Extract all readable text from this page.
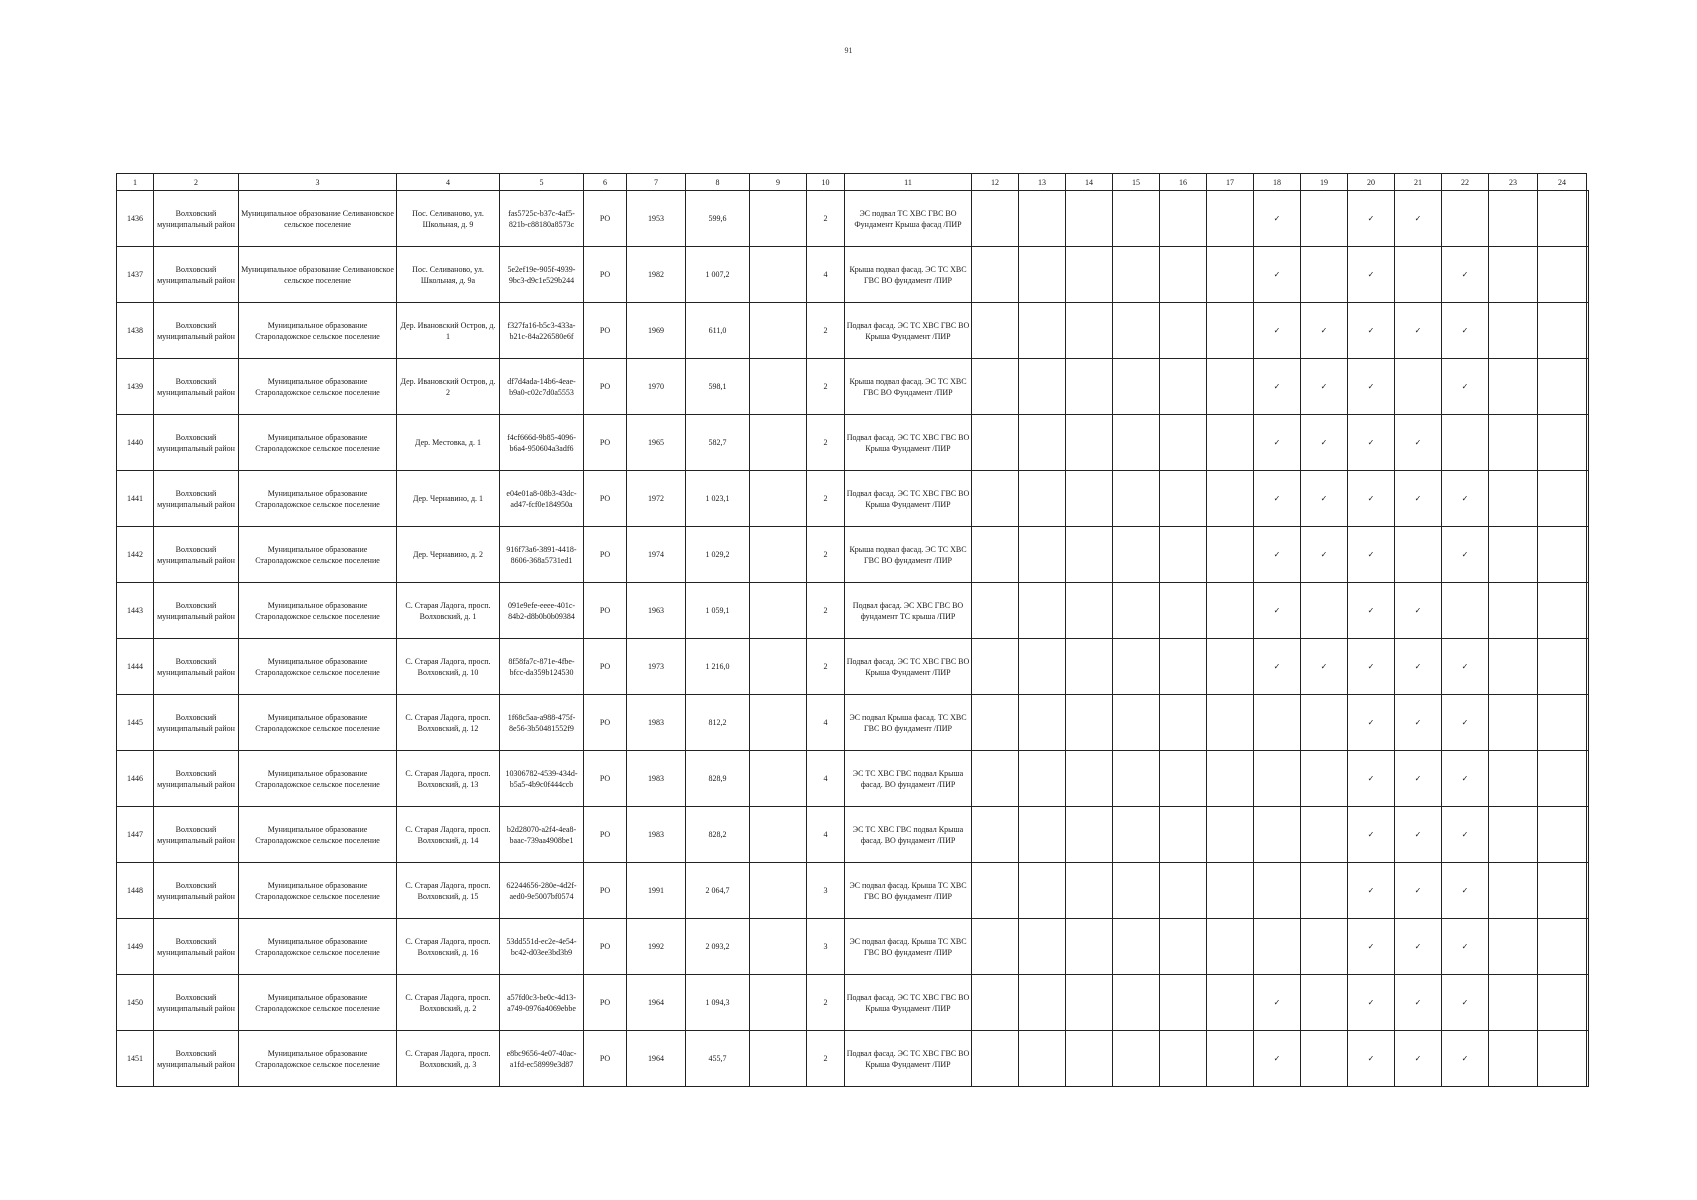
91
1	2	3	4	5	6	7	8	9	10	11	12	13	14	15	16	17	18	19	20	21	22	23	24	
1436	Волховский муниципальный район	Муниципальное образование Селивановское сельское поселение	Пос. Селиваново, ул. Школьная, д. 9	fas5725c-b37c-4af5-821b-c88180a8573c	РО	1953	599,6		2	ЭС подвал ТС ХВС ГВС ВО Фундамент Крыша фасад /ПИР							✓		✓	✓				
1437	Волховский муниципальный район	Муниципальное образование Селивановское сельское поселение	Пос. Селиваново, ул. Школьная, д. 9а	5e2ef19e-905f-4939-9bc3-d9c1e529b244	РО	1982	1 007,2		4	Крыша подвал фасад. ЭС ТС ХВС ГВС ВО фундамент /ПИР							✓		✓		✓			
1438	Волховский муниципальный район	Муниципальное образование Староладожское сельское поселение	Дер. Ивановский Остров, д. 1	f327fa16-b5c3-433a-b21c-84a226580e6f	РО	1969	611,0		2	Подвал фасад. ЭС ТС ХВС ГВС ВО Крыша Фундамент /ПИР							✓	✓	✓	✓	✓			
1439	Волховский муниципальный район	Муниципальное образование Староладожское сельское поселение	Дер. Ивановский Остров, д. 2	df7d4ada-14b6-4eae-b9a0-c02c7d0a5553	РО	1970	598,1		2	Крыша подвал фасад. ЭС ТС ХВС ГВС ВО Фундамент /ПИР							✓	✓	✓		✓			
1440	Волховский муниципальный район	Муниципальное образование Староладожское сельское поселение	Дер. Местовка, д. 1	f4cf666d-9b85-4096-b6a4-950604a3adf6	РО	1965	582,7		2	Подвал фасад. ЭС ТС ХВС ГВС ВО Крыша Фундамент /ПИР							✓	✓	✓	✓				
1441	Волховский муниципальный район	Муниципальное образование Староладожское сельское поселение	Дер. Чернавино, д. 1	e04e01a8-08b3-43dc-ad47-fcf0e184950a	РО	1972	1 023,1		2	Подвал фасад. ЭС ТС ХВС ГВС ВО Крыша Фундамент /ПИР							✓	✓	✓	✓	✓			
1442	Волховский муниципальный район	Муниципальное образование Староладожское сельское поселение	Дер. Чернавино, д. 2	916f73a6-3891-4418-8606-368a5731ed1	РО	1974	1 029,2		2	Крыша подвал фасад. ЭС ТС ХВС ГВС ВО фундамент /ПИР							✓	✓	✓		✓			
1443	Волховский муниципальный район	Муниципальное образование Староладожское сельское поселение	С. Старая Ладога, просп. Волховский, д. 1	091e9efe-eeee-401c-84b2-d8b0b0b09384	РО	1963	1 059,1		2	Подвал фасад. ЭС ХВС ГВС ВО фундамент ТС крыша /ПИР							✓		✓	✓				
1444	Волховский муниципальный район	Муниципальное образование Староладожское сельское поселение	С. Старая Ладога, просп. Волховский, д. 10	8f58fa7c-871e-4fbe-bfcc-da359b124530	РО	1973	1 216,0		2	Подвал фасад. ЭС ТС ХВС ГВС ВО Крыша Фундамент /ПИР							✓	✓	✓	✓	✓			
1445	Волховский муниципальный район	Муниципальное образование Староладожское сельское поселение	С. Старая Ладога, просп. Волховский, д. 12	1f68c5aa-a988-475f-8e56-3b50481552f9	РО	1983	812,2		4	ЭС подвал Крыша фасад. ТС ХВС ГВС ВО фундамент /ПИР									✓	✓	✓			
1446	Волховский муниципальный район	Муниципальное образование Староладожское сельское поселение	С. Старая Ладога, просп. Волховский, д. 13	10306782-4539-434d-b5a5-4b9c0f444ccb	РО	1983	828,9		4	ЭС ТС ХВС ГВС подвал Крыша фасад. ВО фундамент /ПИР									✓	✓	✓			
1447	Волховский муниципальный район	Муниципальное образование Староладожское сельское поселение	С. Старая Ладога, просп. Волховский, д. 14	b2d28070-a2f4-4ea8-baac-739aa4908be1	РО	1983	828,2		4	ЭС ТС ХВС ГВС подвал Крыша фасад. ВО фундамент /ПИР									✓	✓	✓			
1448	Волховский муниципальный район	Муниципальное образование Староладожское сельское поселение	С. Старая Ладога, просп. Волховский, д. 15	62244656-280e-4d2f-aed0-9e5007bf0574	РО	1991	2 064,7		3	ЭС подвал фасад. Крыша ТС ХВС ГВС ВО фундамент /ПИР									✓	✓	✓			
1449	Волховский муниципальный район	Муниципальное образование Староладожское сельское поселение	С. Старая Ладога, просп. Волховский, д. 16	53dd551d-ec2e-4e54-bc42-d03ee3bd3b9	РО	1992	2 093,2		3	ЭС подвал фасад. Крыша ТС ХВС ГВС ВО фундамент /ПИР									✓	✓	✓			
1450	Волховский муниципальный район	Муниципальное образование Староладожское сельское поселение	С. Старая Ладога, просп. Волховский, д. 2	a57fd0c3-be0c-4d13-a749-0976a4069ebbe	РО	1964	1 094,3		2	Подвал фасад. ЭС ТС ХВС ГВС ВО Крыша Фундамент /ПИР							✓		✓	✓	✓			
1451	Волховский муниципальный район	Муниципальное образование Староладожское сельское поселение	С. Старая Ладога, просп. Волховский, д. 3	e8bc9656-4e07-40ac-a1fd-ec58999e3d87	РО	1964	455,7		2	Подвал фасад. ЭС ТС ХВС ГВС ВО Крыша Фундамент /ПИР							✓		✓	✓	✓			
